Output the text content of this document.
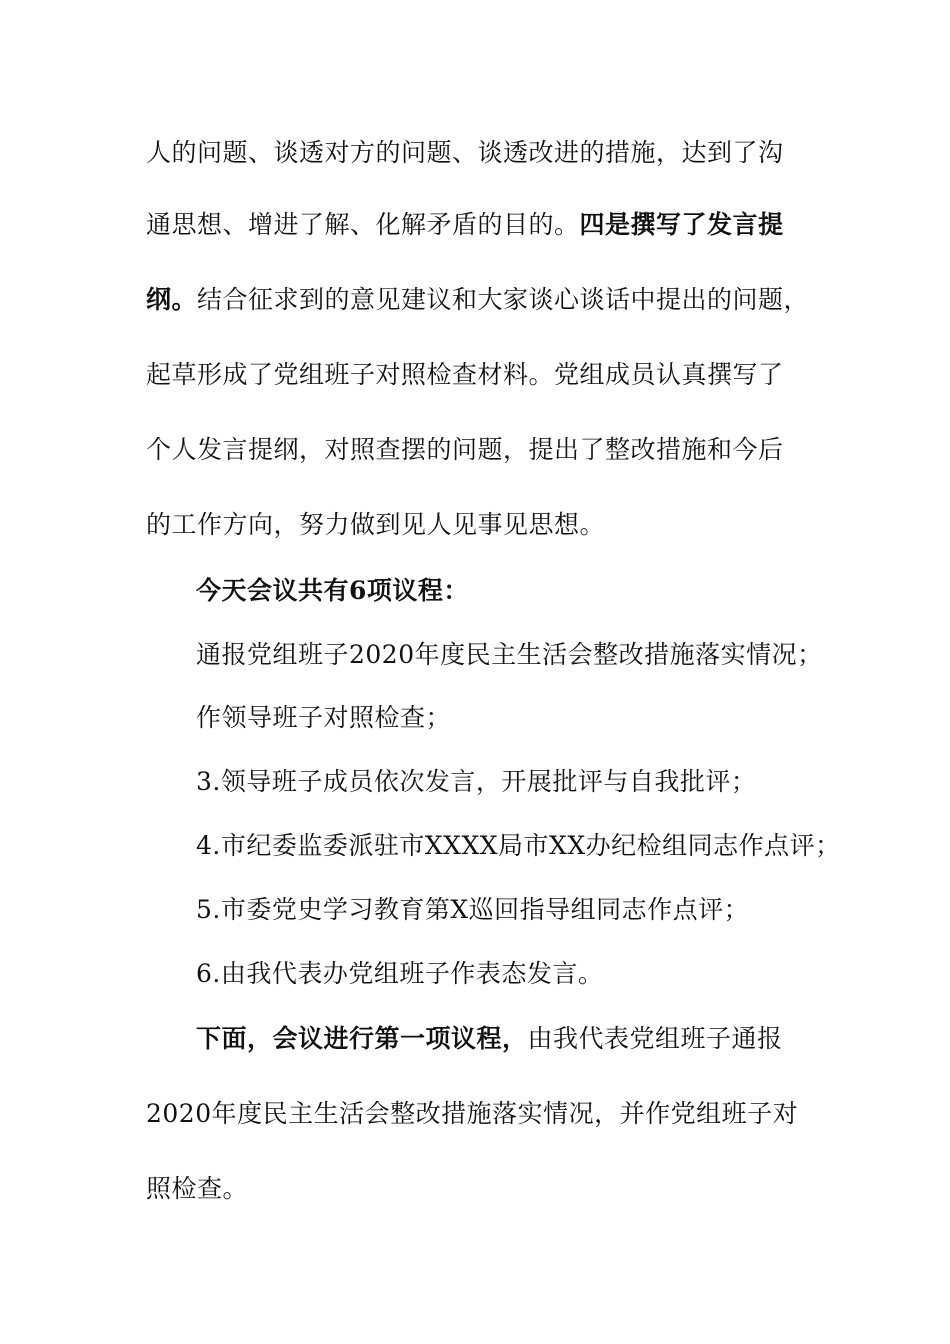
人的问题、谈透对方的问题、谈透改进的措施，达到了沟
通思想、增进了解、化解矛盾的目的。四是撰写了发言提
纲。结合征求到的意见建议和大家谈心谈话中提出的问题，
起草形成了党组班子对照检查材料。党组成员认真撰写了
个人发言提纲，对照查摆的问题，提出了整改措施和今后
的工作方向，努力做到见人见事见思想。
今天会议共有6项议程：
通报党组班子2020年度民主生活会整改措施落实情况；
作领导班子对照检查；
3.领导班子成员依次发言，开展批评与自我批评；
4.市纪委监委派驻市XXXX局市XX办纪检组同志作点评；
5.市委党史学习教育第X巡回指导组同志作点评；
6.由我代表办党组班子作表态发言。
下面，会议进行第一项议程，由我代表党组班子通报
2020年度民主生活会整改措施落实情况，并作党组班子对
照检查。
